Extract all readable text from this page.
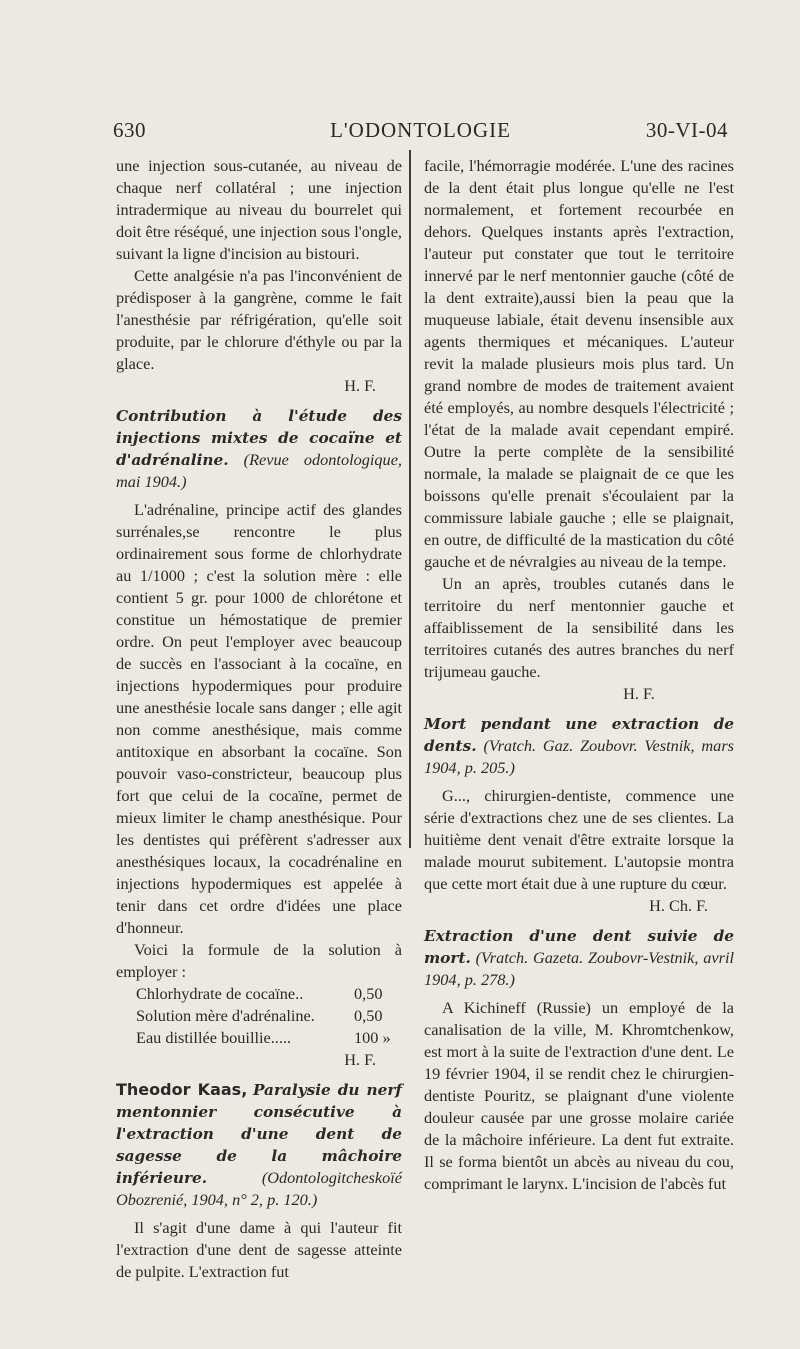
630	L'ODONTOLOGIE	30-VI-04

une injection sous-cutanée, au niveau de chaque nerf collatéral ; une injection intradermique au niveau du bourrelet qui doit être réséqué, une injection sous l'ongle, suivant la ligne d'incision au bistouri.

Cette analgésie n'a pas l'inconvénient de prédisposer à la gangrène, comme le fait l'anesthésie par réfrigération, qu'elle soit produite, par le chlorure d'éthyle ou par la glace.

H. F.

Contribution à l'étude des injections mixtes de cocaïne et d'adrénaline. (Revue odontologique, mai 1904.)

L'adrénaline, principe actif des glandes surrénales,se rencontre le plus ordinairement sous forme de chlorhydrate au 1/1000 ; c'est la solution mère : elle contient 5 gr. pour 1000 de chlorétone et constitue un hémostatique de premier ordre. On peut l'employer avec beaucoup de succès en l'associant à la cocaïne, en injections hypodermiques pour produire une anesthésie locale sans danger ; elle agit non comme anesthésique, mais comme antitoxique en absorbant la cocaïne. Son pouvoir vaso-constricteur, beaucoup plus fort que celui de la cocaïne, permet de mieux limiter le champ anesthésique. Pour les dentistes qui préfèrent s'adresser aux anesthésiques locaux, la cocadrénaline en injections hypodermiques est appelée à tenir dans cet ordre d'idées une place d'honneur.

Voici la formule de la solution à employer :

Chlorhydrate de cocaïne..	0,50
Solution mère d'adrénaline.	0,50
Eau distillée bouillie.....	100 »

H. F.

Theodor Kaas, Paralysie du nerf mentonnier consécutive à l'extraction d'une dent de sagesse de la mâchoire inférieure.	(Odontologitcheskoïé Obozrenié, 1904, n° 2, p. 120.)

Il s'agit d'une dame à qui l'auteur fit l'extraction d'une dent de sagesse atteinte de pulpite. L'extraction fut

facile, l'hémorragie modérée. L'une des racines de la dent était plus longue qu'elle ne l'est normalement, et fortement recourbée en dehors. Quelques instants après l'extraction, l'auteur put constater que tout le territoire innervé par le nerf mentonnier gauche (côté de la dent extraite),aussi bien la peau que la muqueuse labiale, était devenu insensible aux agents thermiques et mécaniques. L'auteur revit la malade plusieurs mois plus tard. Un grand nombre de modes de traitement avaient été employés, au nombre desquels l'électricité ; l'état de la malade avait cependant empiré. Outre la perte complète de la sensibilité normale, la malade se plaignait de ce que les boissons qu'elle prenait s'écoulaient par la commissure labiale gauche ; elle se plaignait, en outre, de difficulté de la mastication du côté gauche et de névralgies au niveau de la tempe.

Un an après, troubles cutanés dans le territoire du nerf mentonnier gauche et affaiblissement de la sensibilité dans les territoires cutanés des autres branches du nerf trijumeau gauche.

H. F.

Mort pendant une extraction de dents. (Vratch. Gaz. Zoubovr. Vestnik, mars 1904, p. 205.)

G..., chirurgien-dentiste, commence une série d'extractions chez une de ses clientes. La huitième dent venait d'être extraite lorsque la malade mourut subitement. L'autopsie montra que cette mort était due à une rupture du cœur.

H. Ch. F.

Extraction d'une dent suivie de mort. (Vratch. Gazeta. Zoubovr-Vestnik, avril 1904, p. 278.)

A Kichineff (Russie) un employé de la canalisation de la ville, M. Khromtchenkow, est mort à la suite de l'extraction d'une dent. Le 19 février 1904, il se rendit chez le chirurgien-dentiste Pouritz, se plaignant d'une violente douleur causée par une grosse molaire cariée de la mâchoire inférieure. La dent fut extraite. Il se forma bientôt un abcès au niveau du cou, comprimant le larynx. L'incision de l'abcès fut
